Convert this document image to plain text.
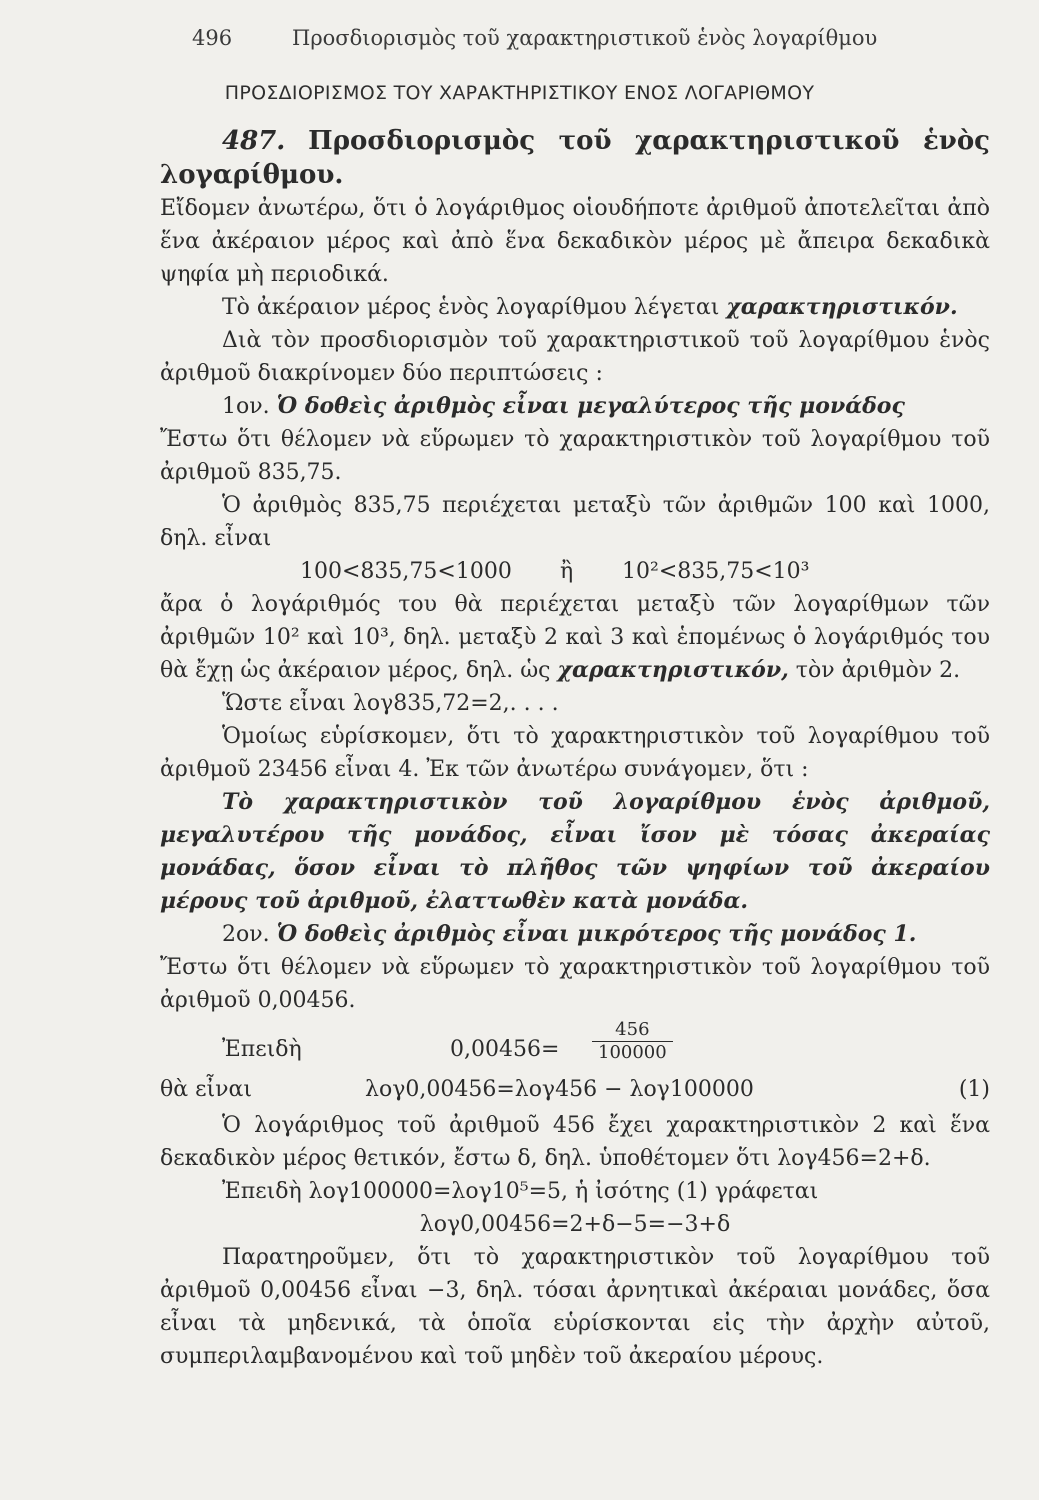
496	Προσδιορισμὸς τοῦ χαρακτηριστικοῦ ἑνὸς λογαρίθμου
ΠΡΟΣΔΙΟΡΙΣΜΟΣ ΤΟΥ ΧΑΡΑΚΤΗΡΙΣΤΙΚΟΥ ΕΝΟΣ ΛΟΓΑΡΙΘΜΟΥ

487. Προσδιορισμὸς τοῦ χαρακτηριστικοῦ ἑνὸς λογαρίθμου.

Εἴδομεν ἀνωτέρω, ὅτι ὁ λογάριθμος οἱουδήποτε ἀριθμοῦ ἀποτελεῖται ἀπὸ ἕνα ἀκέραιον μέρος καὶ ἀπὸ ἕνα δεκαδικὸν μέρος μὲ ἄπειρα δεκαδικὰ ψηφία μὴ περιοδικά.

Τὸ ἀκέραιον μέρος ἑνὸς λογαρίθμου λέγεται χαρακτηριστικόν.

Διὰ τὸν προσδιορισμὸν τοῦ χαρακτηριστικοῦ τοῦ λογαρίθμου ἑνὸς ἀριθμοῦ διακρίνομεν δύο περιπτώσεις :

1ον. Ὁ δοθεὶς ἀριθμὸς εἶναι μεγαλύτερος τῆς μονάδος

Ἔστω ὅτι θέλομεν νὰ εὕρωμεν τὸ χαρακτηριστικὸν τοῦ λογαρίθμου τοῦ ἀριθμοῦ 835,75.

Ὁ ἀριθμὸς 835,75 περιέχεται μεταξὺ τῶν ἀριθμῶν 100 καὶ 1000, δηλ. εἶναι

100<835,75<1000 ἢ 10²<835,75<10³

ἄρα ὁ λογάριθμός του θὰ περιέχεται μεταξὺ τῶν λογαρίθμων τῶν ἀριθμῶν 10² καὶ 10³, δηλ. μεταξὺ 2 καὶ 3 καὶ ἑπομένως ὁ λογάριθμός του θὰ ἔχῃ ὡς ἀκέραιον μέρος, δηλ. ὡς χαρακτηριστικόν, τὸν ἀριθμὸν 2.

Ὥστε εἶναι λογ835,72=2,. . . .

Ὁμοίως εὑρίσκομεν, ὅτι τὸ χαρακτηριστικὸν τοῦ λογαρίθμου τοῦ ἀριθμοῦ 23456 εἶναι 4. Ἐκ τῶν ἀνωτέρω συνάγομεν, ὅτι :

Τὸ χαρακτηριστικὸν τοῦ λογαρίθμου ἑνὸς ἀριθμοῦ, μεγαλυτέρου τῆς μονάδος, εἶναι ἴσον μὲ τόσας ἀκεραίας μονάδας, ὅσον εἶναι τὸ πλῆθος τῶν ψηφίων τοῦ ἀκεραίου μέρους τοῦ ἀριθμοῦ, ἐλαττωθὲν κατὰ μονάδα.

2ον. Ὁ δοθεὶς ἀριθμὸς εἶναι μικρότερος τῆς μονάδος 1.

Ἔστω ὅτι θέλομεν νὰ εὕρωμεν τὸ χαρακτηριστικὸν τοῦ λογαρίθμου τοῦ ἀριθμοῦ 0,00456.

Ἐπειδὴ	$0,00456= \frac{456}{100000}$
θὰ εἶναι	λογ0,00456=λογ456 − λογ100000	(1)

Ὁ λογάριθμος τοῦ ἀριθμοῦ 456 ἔχει χαρακτηριστικὸν 2 καὶ ἕνα δεκαδικὸν μέρος θετικόν, ἔστω δ, δηλ. ὑποθέτομεν ὅτι λογ456=2+δ.

Ἐπειδὴ λογ100000=λογ10⁵=5, ἡ ἰσότης (1) γράφεται

λογ0,00456=2+δ−5=−3+δ

Παρατηροῦμεν, ὅτι τὸ χαρακτηριστικὸν τοῦ λογαρίθμου τοῦ ἀριθμοῦ 0,00456 εἶναι −3, δηλ. τόσαι ἀρνητικαὶ ἀκέραιαι μονάδες, ὅσα εἶναι τὰ μηδενικά, τὰ ὁποῖα εὑρίσκονται εἰς τὴν ἀρχὴν αὐτοῦ, συμπεριλαμβανομένου καὶ τοῦ μηδὲν τοῦ ἀκεραίου μέρους.
